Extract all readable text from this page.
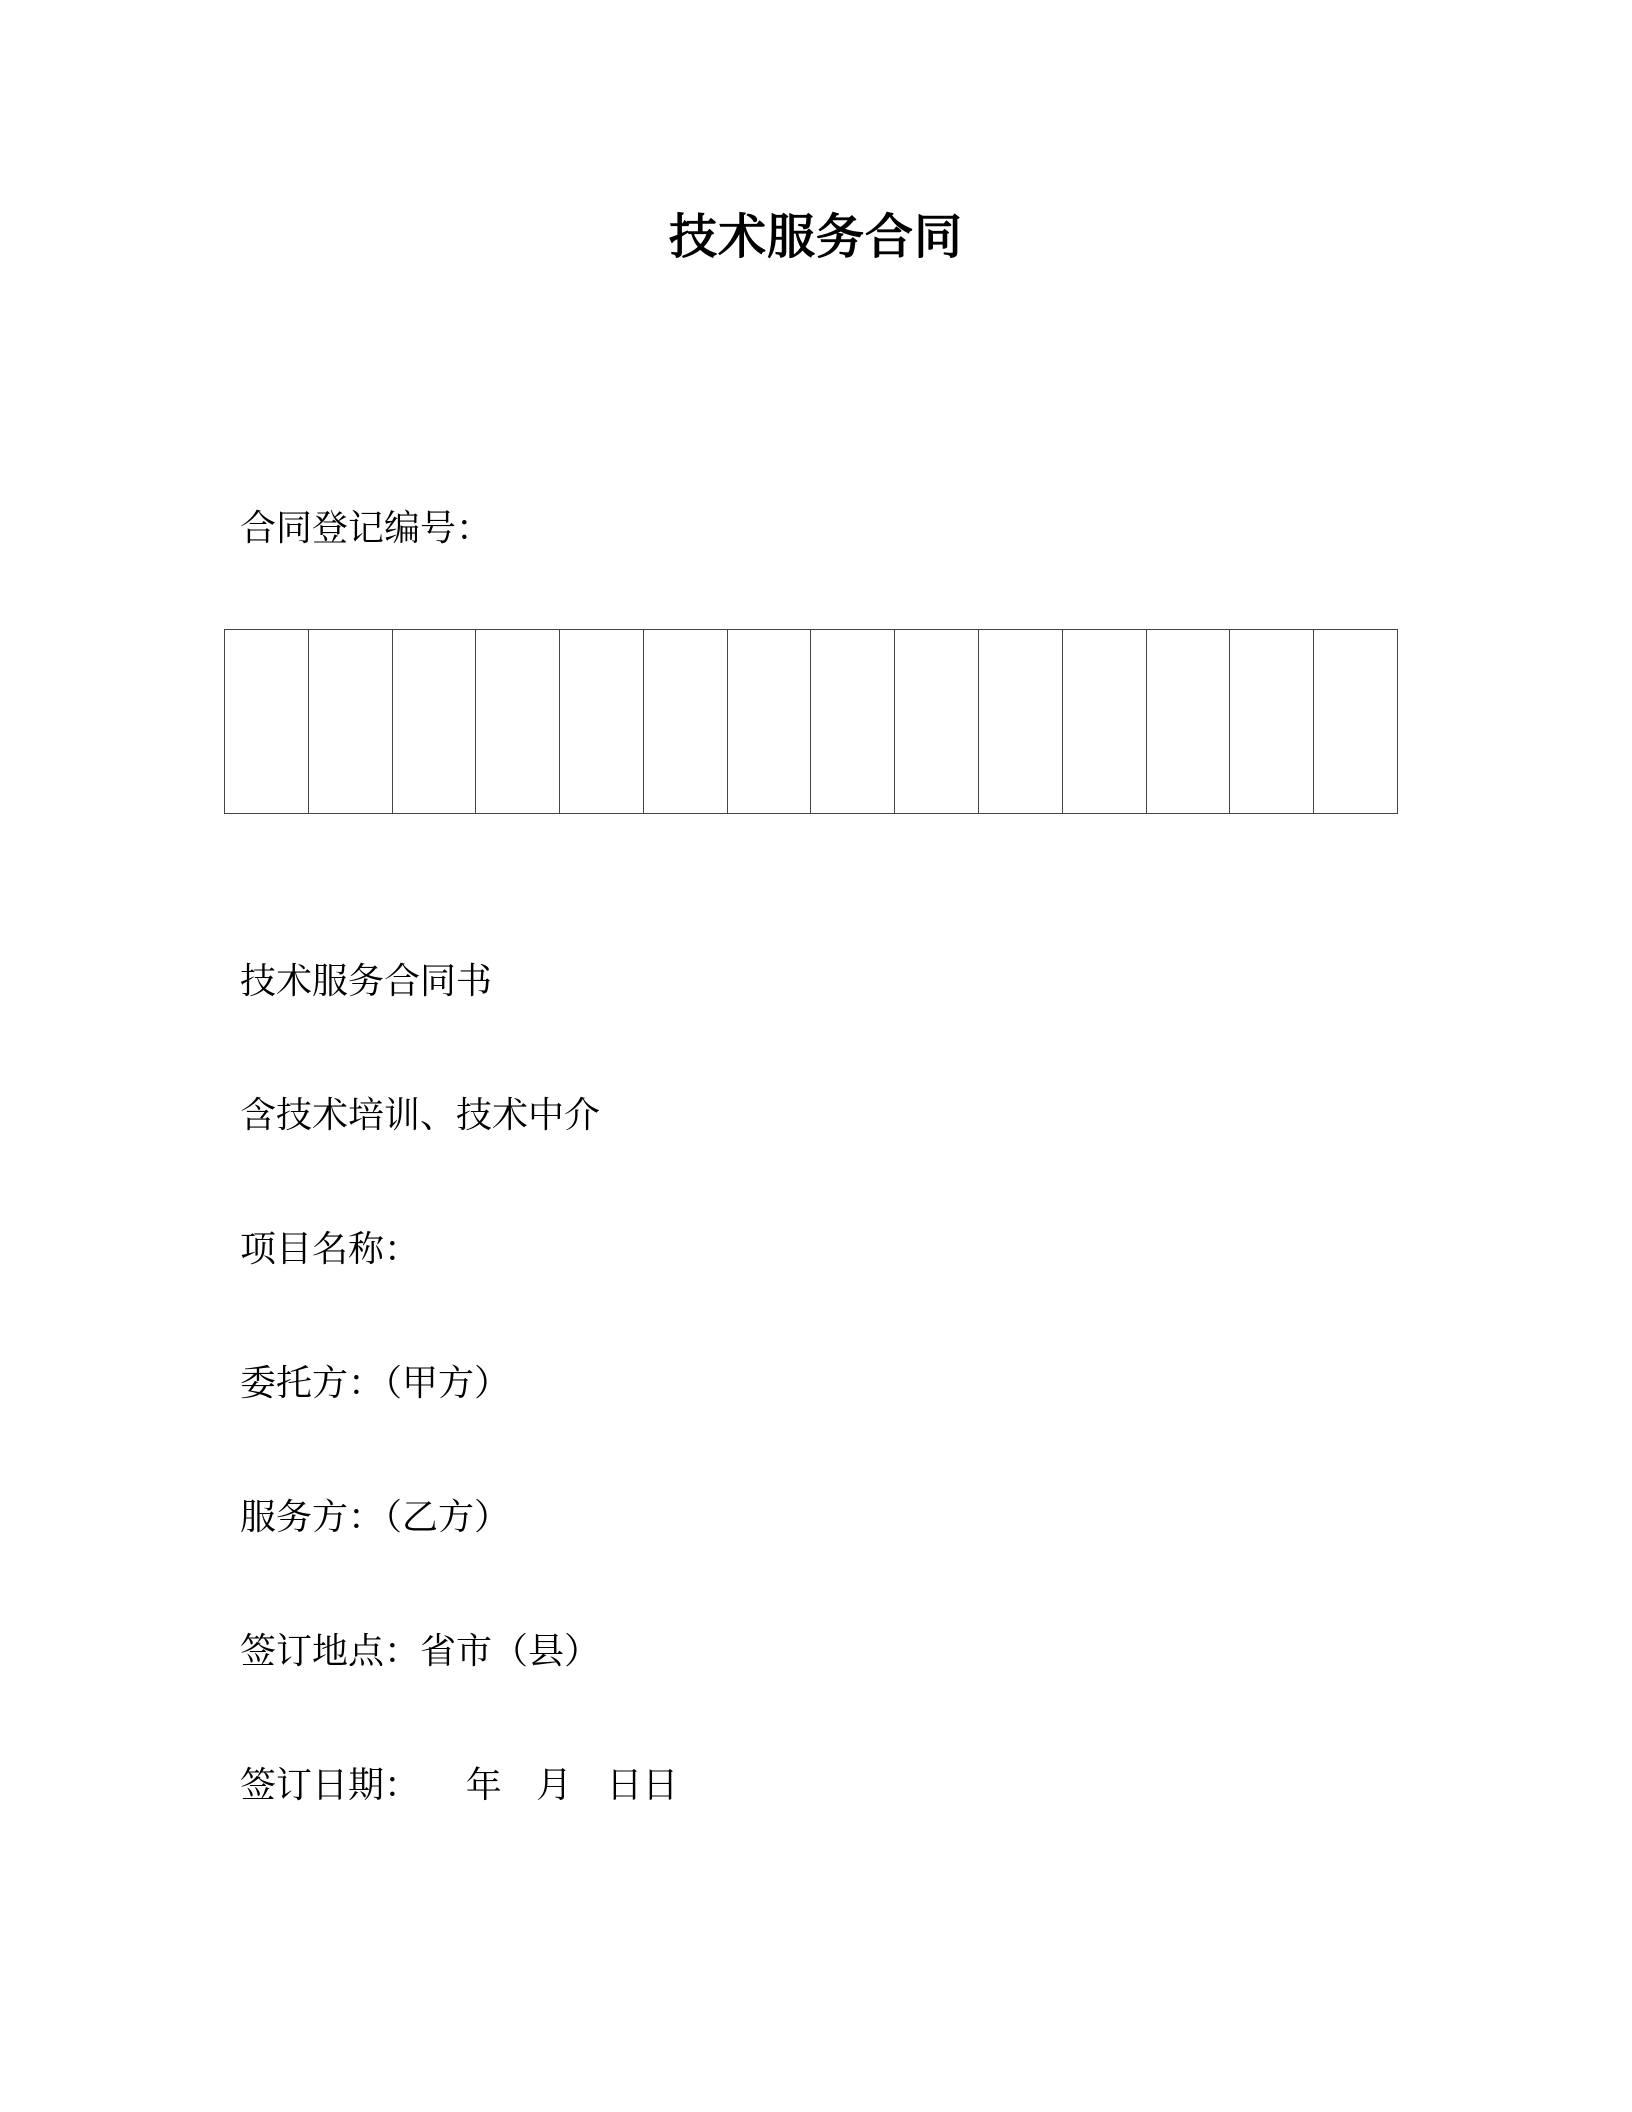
技术服务合同
合同登记编号：
技术服务合同书
含技术培训、技术中介
项目名称：
委托方：（甲方）
服务方：（乙方）
签订地点：省市（县）
签订日期：    年   月   日日
